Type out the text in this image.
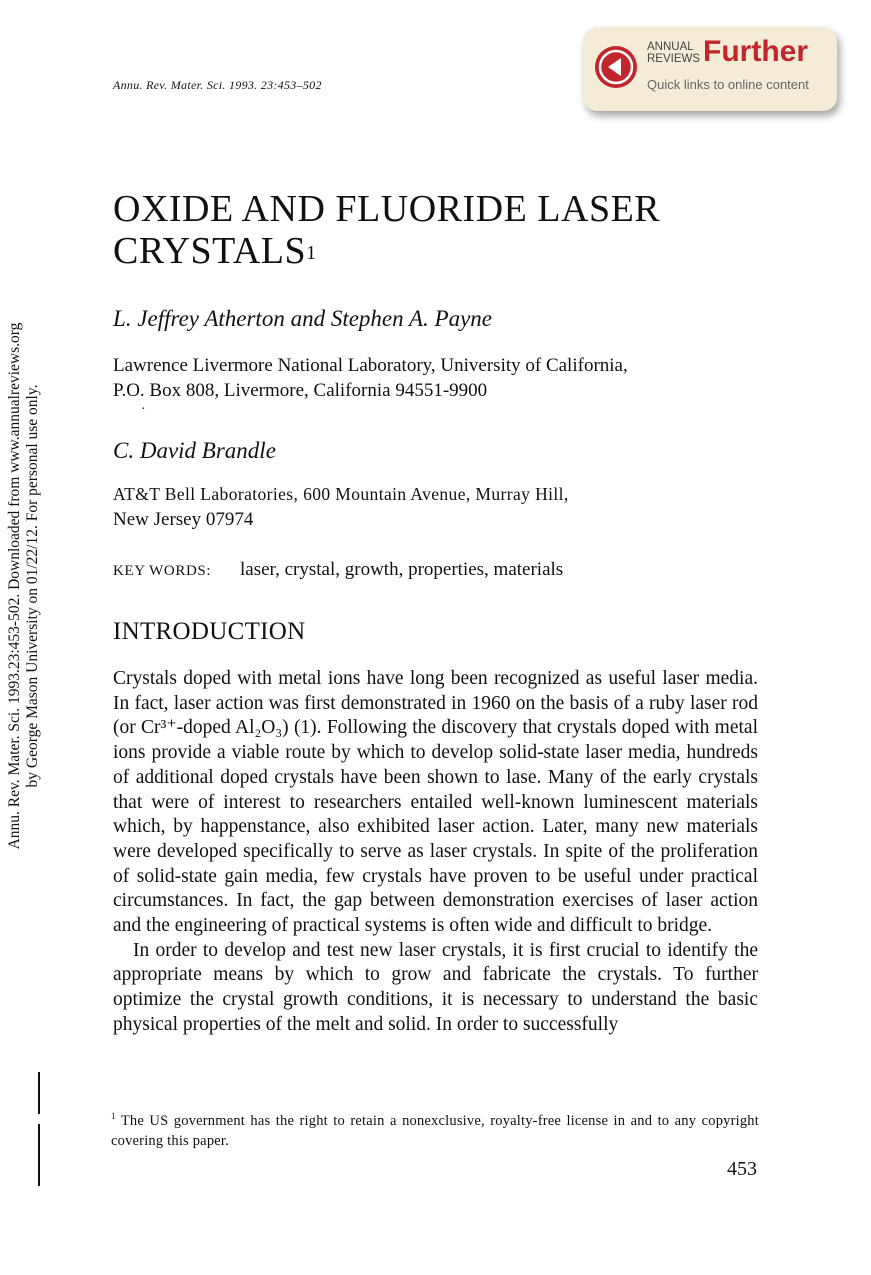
Annu. Rev. Mater. Sci. 1993. 23:453–502
ANNUAL
REVIEWS Further
Quick links to online content
OXIDE AND FLUORIDE LASER CRYSTALS$^1$
L. Jeffrey Atherton and Stephen A. Payne
Lawrence Livermore National Laboratory, University of California,
P.O. Box 808, Livermore, California 94551-9900
·
C. David Brandle
AT&T Bell Laboratories, 600 Mountain Avenue, Murray Hill,
New Jersey 07974
KEY WORDS: laser, crystal, growth, properties, materials
INTRODUCTION

Crystals doped with metal ions have long been recognized as useful laser media. In fact, laser action was first demonstrated in 1960 on the basis of a ruby laser rod (or Cr³⁺-doped Al₂O₃) (1). Following the discovery that crystals doped with metal ions provide a viable route by which to develop solid-state laser media, hundreds of additional doped crystals have been shown to lase. Many of the early crystals that were of interest to researchers entailed well-known luminescent materials which, by happenstance, also exhibited laser action. Later, many new materials were developed specifically to serve as laser crystals. In spite of the proliferation of solid-state gain media, few crystals have proven to be useful under practical circumstances. In fact, the gap between demonstration exercises of laser action and the engineering of practical systems is often wide and difficult to bridge.

In order to develop and test new laser crystals, it is first crucial to identify the appropriate means by which to grow and fabricate the crystals. To further optimize the crystal growth conditions, it is necessary to understand the basic physical properties of the melt and solid. In order to successfully

$^1$ The US government has the right to retain a nonexclusive, royalty-free license in and to any copyright covering this paper.
453
Annu. Rev. Mater. Sci. 1993.23:453-502. Downloaded from www.annualreviews.org by George Mason University on 01/22/12. For personal use only.
